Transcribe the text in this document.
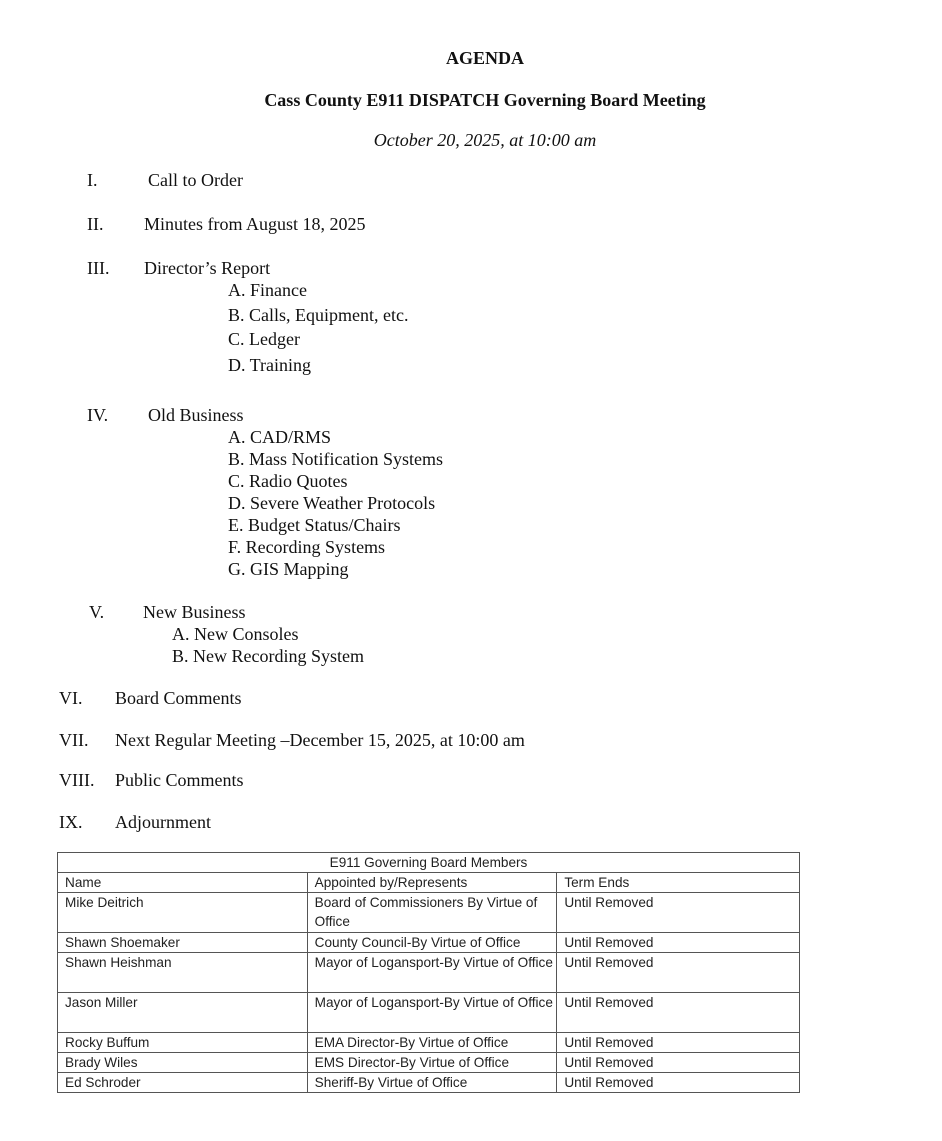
AGENDA
Cass County E911 DISPATCH Governing Board Meeting
October 20, 2025, at 10:00 am
I.	Call to Order
II. Minutes from August 18, 2025
III. Director’s Report
A. Finance
B. Calls, Equipment, etc.
C. Ledger
D. Training
IV. Old Business
A. CAD/RMS
B. Mass Notification Systems
C. Radio Quotes
D. Severe Weather Protocols
E. Budget Status/Chairs
F. Recording Systems
G. GIS Mapping
V. New Business
A. New Consoles
B. New Recording System
VI. Board Comments
VII. Next Regular Meeting –December 15, 2025, at 10:00 am
VIII. Public Comments
IX. Adjournment
E911 Governing Board Members		
Name	Appointed by/Represents	Term Ends
Mike Deitrich	Board of Commissioners By Virtue of Office	Until Removed
Shawn Shoemaker	County Council-By Virtue of Office	Until Removed
Shawn Heishman	Mayor of Logansport-By Virtue of Office	Until Removed
Jason Miller	Mayor of Logansport-By Virtue of Office	Until Removed
Rocky Buffum	EMA Director-By Virtue of Office	Until Removed
Brady Wiles	EMS Director-By Virtue of Office	Until Removed
Ed Schroder	Sheriff-By Virtue of Office	Until Removed
